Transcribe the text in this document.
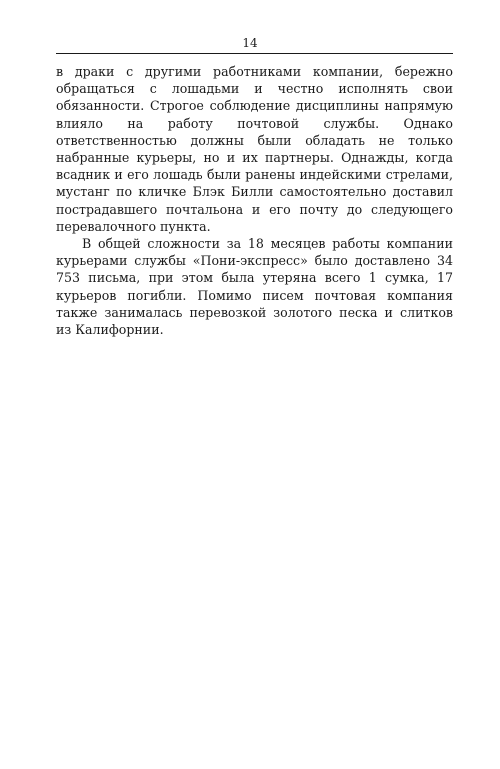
14

в драки с другими работниками компании, бережно обращаться с лошадьми и честно исполнять свои обязанности. Строгое соблюдение дисциплины напрямую влияло на работу почтовой службы. Однако ответственностью должны были обладать не только набранные курьеры, но и их партнеры. Однажды, когда всадник и его лошадь были ранены индейскими стрелами, мустанг по кличке Блэк Билли самостоятельно доставил пострадавшего почтальона и его почту до следующего перевалочного пункта.

В общей сложности за 18 месяцев работы компании курьерами службы «Пони-экспресс» было доставлено 34 753 письма, при этом была утеряна всего 1 сумка, 17 курьеров погибли. Помимо писем почтовая компания также занималась перевозкой золотого песка и слитков из Калифорнии.
